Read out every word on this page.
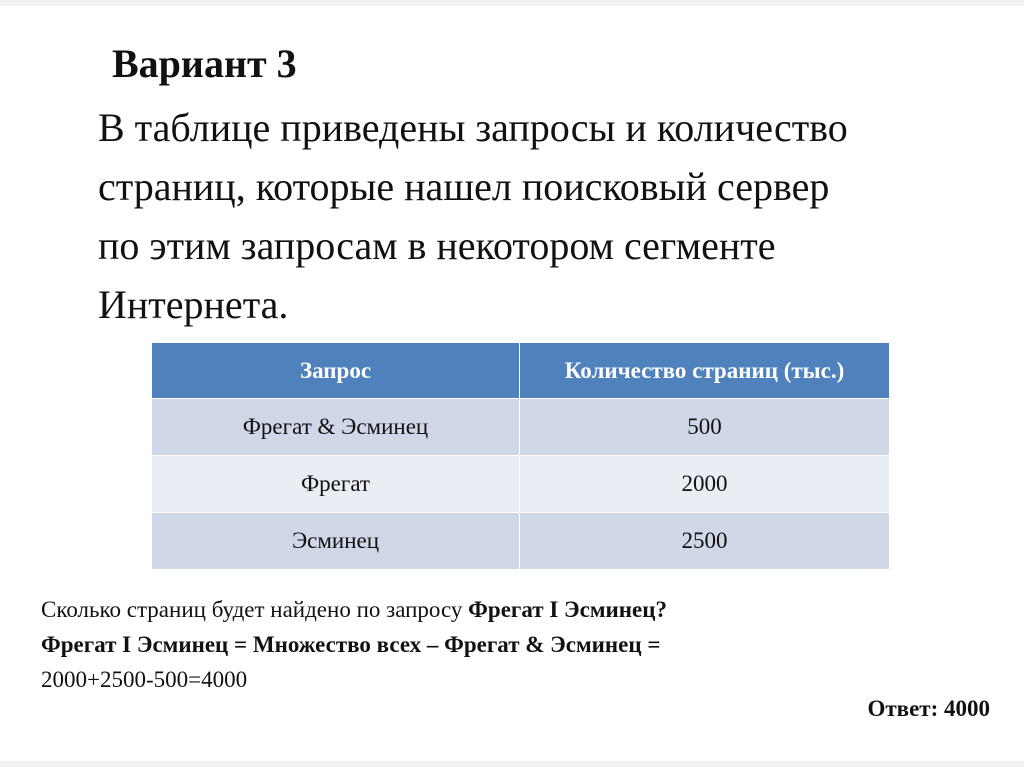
Вариант 3
В таблице приведены запросы и количество
страниц, которые нашел поисковый сервер
по этим запросам в некотором сегменте
Интернета.
Запрос	Количество страниц (тыс.)
Фрегат & Эсминец	500
Фрегат	2000
Эсминец	2500
Сколько страниц будет найдено по запросу Фрегат I Эсминец?
Фрегат I Эсминец = Множество всех – Фрегат & Эсминец =
2000+2500-500=4000
Ответ: 4000
